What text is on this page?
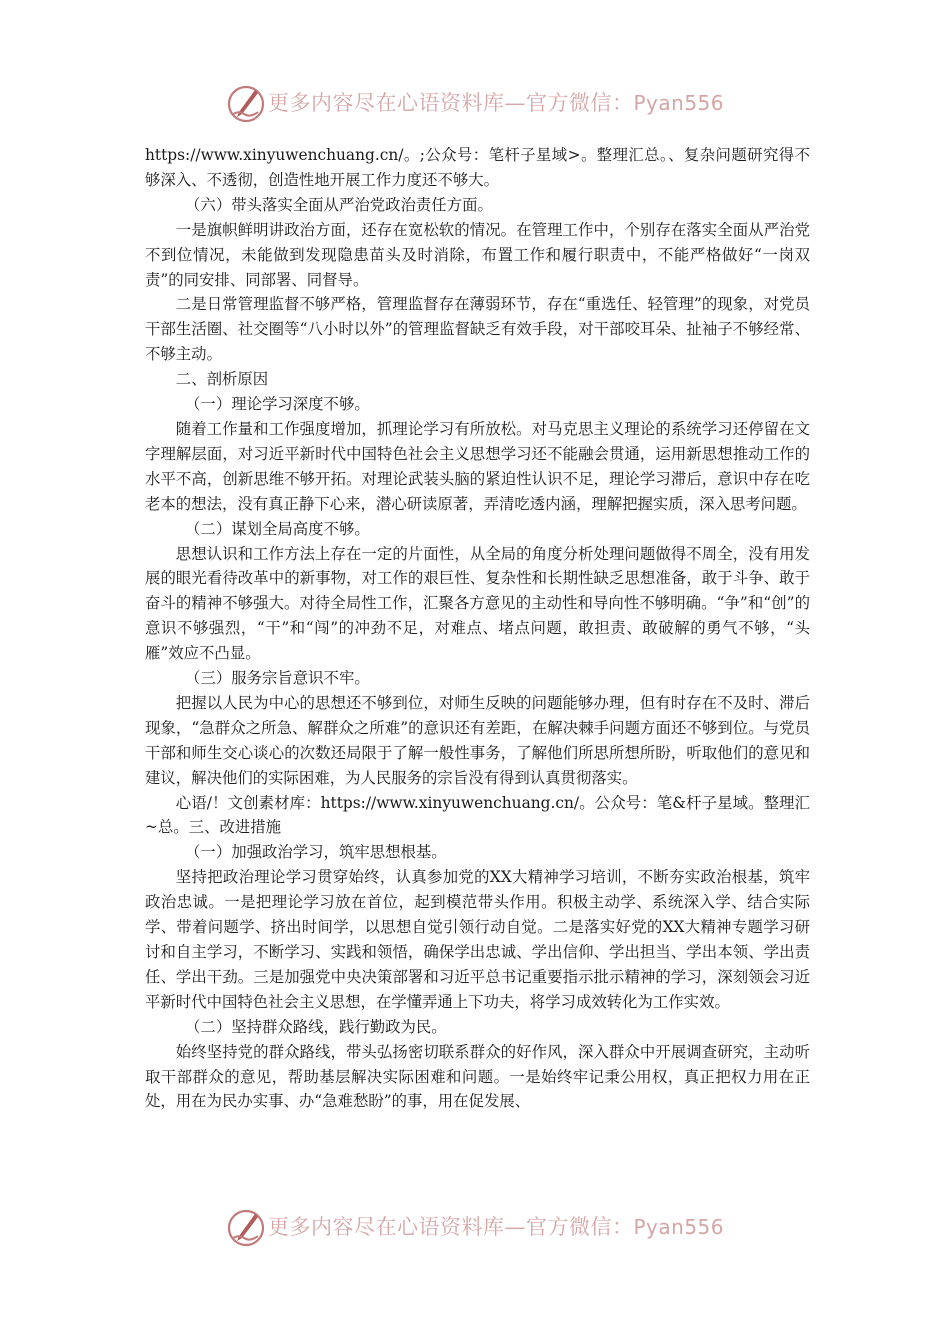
更多内容尽在心语资料库—官方微信：Pyan556

https://www.xinyuwenchuang.cn/。;公众号：笔杆子星域>。整理汇总。、复杂问题研究得不够深入、不透彻，创造性地开展工作力度还不够大。

（六）带头落实全面从严治党政治责任方面。

一是旗帜鲜明讲政治方面，还存在宽松软的情况。在管理工作中，个别存在落实全面从严治党不到位情况，未能做到发现隐患苗头及时消除，布置工作和履行职责中，不能严格做好“一岗双责”的同安排、同部署、同督导。

二是日常管理监督不够严格，管理监督存在薄弱环节，存在“重选任、轻管理”的现象，对党员干部生活圈、社交圈等“八小时以外”的管理监督缺乏有效手段，对干部咬耳朵、扯袖子不够经常、不够主动。

二、剖析原因

（一）理论学习深度不够。

随着工作量和工作强度增加，抓理论学习有所放松。对马克思主义理论的系统学习还停留在文字理解层面，对习近平新时代中国特色社会主义思想学习还不能融会贯通，运用新思想推动工作的水平不高，创新思维不够开拓。对理论武装头脑的紧迫性认识不足，理论学习滞后，意识中存在吃老本的想法，没有真正静下心来，潜心研读原著，弄清吃透内涵，理解把握实质，深入思考问题。

（二）谋划全局高度不够。

思想认识和工作方法上存在一定的片面性，从全局的角度分析处理问题做得不周全，没有用发展的眼光看待改革中的新事物，对工作的艰巨性、复杂性和长期性缺乏思想准备，敢于斗争、敢于奋斗的精神不够强大。对待全局性工作，汇聚各方意见的主动性和导向性不够明确。“争”和“创”的意识不够强烈，“干”和“闯”的冲劲不足，对难点、堵点问题，敢担责、敢破解的勇气不够，“头雁”效应不凸显。

（三）服务宗旨意识不牢。

把握以人民为中心的思想还不够到位，对师生反映的问题能够办理，但有时存在不及时、滞后现象，“急群众之所急、解群众之所难”的意识还有差距，在解决棘手问题方面还不够到位。与党员干部和师生交心谈心的次数还局限于了解一般性事务，了解他们所思所想所盼，听取他们的意见和建议，解决他们的实际困难，为人民服务的宗旨没有得到认真贯彻落实。

心语/！文创素材库：https://www.xinyuwenchuang.cn/。公众号：笔&杆子星域。整理汇~总。三、改进措施

（一）加强政治学习，筑牢思想根基。

坚持把政治理论学习贯穿始终，认真参加党的XX大精神学习培训，不断夯实政治根基，筑牢政治忠诚。一是把理论学习放在首位，起到模范带头作用。积极主动学、系统深入学、结合实际学、带着问题学、挤出时间学，以思想自觉引领行动自觉。二是落实好党的XX大精神专题学习研讨和自主学习，不断学习、实践和领悟，确保学出忠诚、学出信仰、学出担当、学出本领、学出责任、学出干劲。三是加强党中央决策部署和习近平总书记重要指示批示精神的学习，深刻领会习近平新时代中国特色社会主义思想，在学懂弄通上下功夫，将学习成效转化为工作实效。

（二）坚持群众路线，践行勤政为民。

始终坚持党的群众路线，带头弘扬密切联系群众的好作风，深入群众中开展调查研究，主动听取干部群众的意见，帮助基层解决实际困难和问题。一是始终牢记秉公用权，真正把权力用在正处，用在为民办实事、办“急难愁盼”的事，用在促发展、

更多内容尽在心语资料库—官方微信：Pyan556
